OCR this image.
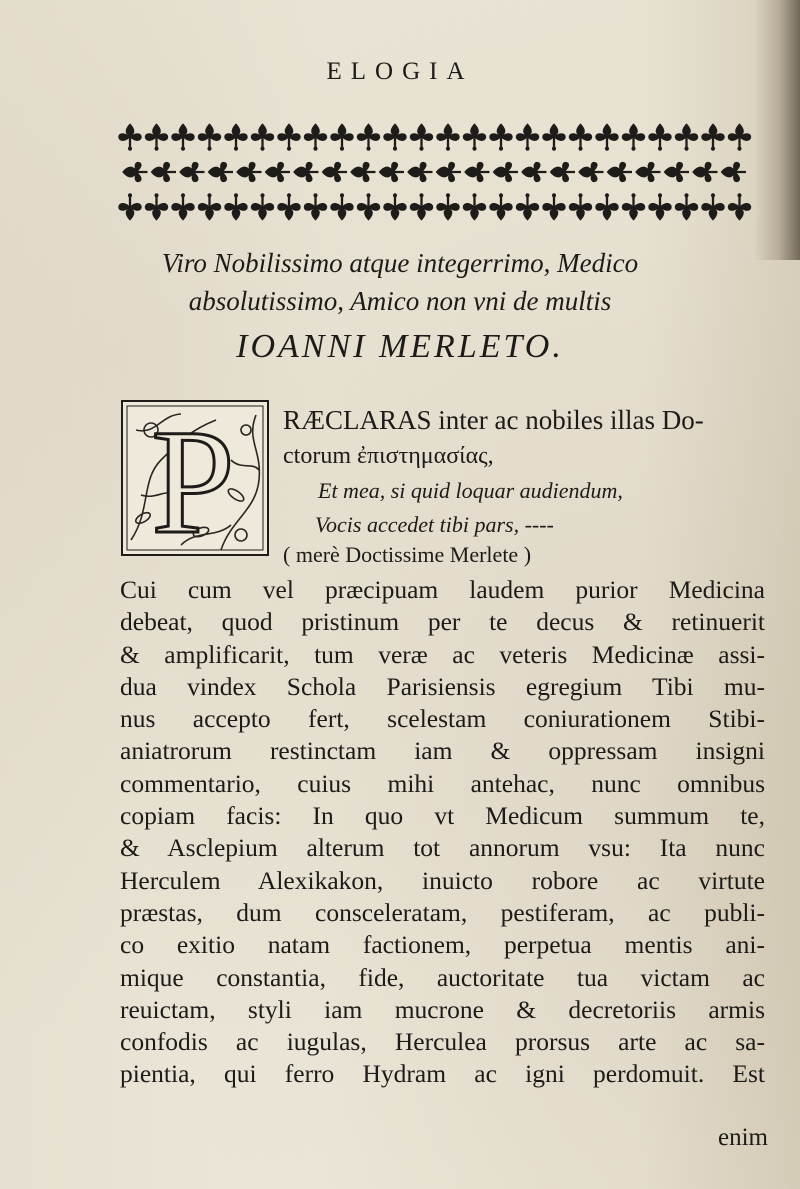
ELOGIA
Viro Nobilissimo atque integerrimo, Medico
absolutissimo, Amico non vni de multis
IOANNI MERLETO.
P RÆCLARAS inter ac nobiles illas Do-
ctorum ἐπιστημασίας,
Et mea, si quid loquar audiendum,
Vocis accedet tibi pars, ----
( merè Doctissime Merlete )
Cui cum vel præcipuam laudem purior Medicina
debeat, quod pristinum per te decus & retinuerit
& amplificarit, tum veræ ac veteris Medicinæ assi-
dua vindex Schola Parisiensis egregium Tibi mu-
nus accepto fert, scelestam coniurationem Stibi-
aniatrorum restinctam iam & oppressam insigni
commentario, cuius mihi antehac, nunc omnibus
copiam facis: In quo vt Medicum summum te,
& Asclepium alterum tot annorum vsu: Ita nunc
Herculem Alexikakon, inuicto robore ac virtute
præstas, dum consceleratam, pestiferam, ac publi-
co exitio natam factionem, perpetua mentis ani-
mique constantia, fide, auctoritate tua victam ac
reuictam, styli iam mucrone & decretoriis armis
confodis ac iugulas, Herculea prorsus arte ac sa-
pientia, qui ferro Hydram ac igni perdomuit. Est
enim
